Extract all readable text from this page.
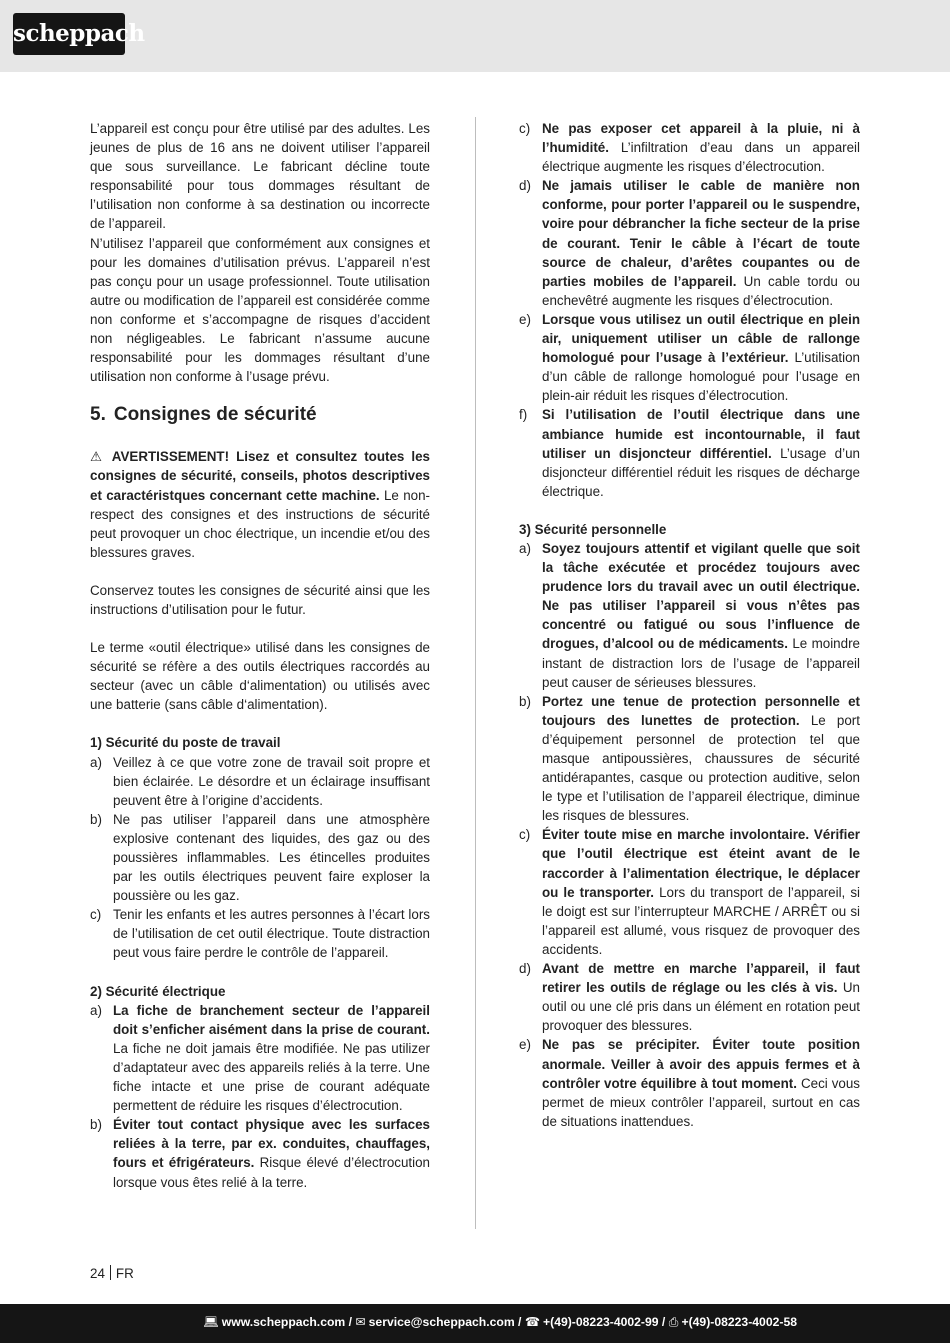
scheppach

L’appareil est conçu pour être utilisé par des adultes. Les jeunes de plus de 16 ans ne doivent utiliser l’appareil que sous surveillance. Le fabricant décline toute responsabilité pour tous dommages résultant de l’utilisation non conforme à sa destination ou incorrecte de l’appareil.

N’utilisez l’appareil que conformément aux consignes et pour les domaines d’utilisation prévus. L’appareil n’est pas conçu pour un usage professionnel. Toute utilisation autre ou modification de l’appareil est considérée comme non conforme et s’accompagne de risques d’accident non négligeables. Le fabricant n’assume aucune responsabilité pour les dommages résultant d’une utilisation non conforme à l’usage prévu.

5. Consignes de sécurité

⚠ AVERTISSEMENT! Lisez et consultez toutes les consignes de sécurité, conseils, photos descriptives et caractéristques concernant cette machine. Le non-respect des consignes et des instructions de sécurité peut provoquer un choc électrique, un incendie et/ou des blessures graves.

Conservez toutes les consignes de sécurité ainsi que les instructions d’utilisation pour le futur.

Le terme «outil électrique» utilisé dans les consignes de sécurité se réfère a des outils électriques raccordés au secteur (avec un câble d‘alimentation) ou utilisés avec une batterie (sans câble d‘alimentation).

1) Sécurité du poste de travail

a) Veillez à ce que votre zone de travail soit propre et bien éclairée. Le désordre et un éclairage insuffisant peuvent être à l’origine d’accidents.
b) Ne pas utiliser l’appareil dans une atmosphère explosive contenant des liquides, des gaz ou des poussières inflammables. Les étincelles produites par les outils électriques peuvent faire exploser la poussière ou les gaz.
c) Tenir les enfants et les autres personnes à l’écart lors de l’utilisation de cet outil électrique. Toute distraction peut vous faire perdre le contrôle de l’appareil.

2) Sécurité électrique

a) La fiche de branchement secteur de l’appareil doit s’enficher aisément dans la prise de courant. La fiche ne doit jamais être modifiée. Ne pas utilizer d’adaptateur avec des appareils reliés à la terre. Une fiche intacte et une prise de courant adéquate permettent de réduire les risques d’électrocution.
b) Éviter tout contact physique avec les surfaces reliées à la terre, par ex. conduites, chauffages, fours et éfrigérateurs. Risque élevé d’électrocution lorsque vous êtes relié à la terre.
c) Ne pas exposer cet appareil à la pluie, ni à l’humidité. L’infiltration d’eau dans un appareil électrique augmente les risques d’électrocution.
d) Ne jamais utiliser le cable de manière non conforme, pour porter l’appareil ou le suspendre, voire pour débrancher la fiche secteur de la prise de courant. Tenir le câble à l’écart de toute source de chaleur, d’arêtes coupantes ou de parties mobiles de l’appareil. Un cable tordu ou enchevêtré augmente les risques d’électrocution.
e) Lorsque vous utilisez un outil électrique en plein air, uniquement utiliser un câble de rallonge homologué pour l’usage à l’extérieur. L’utilisation d’un câble de rallonge homologué pour l’usage en plein-air réduit les risques d’électrocution.
f)	Si l’utilisation de l’outil électrique dans une ambiance humide est incontournable, il faut utiliser un disjoncteur différentiel. L’usage d’un disjoncteur différentiel réduit les risques de décharge électrique.

3) Sécurité personnelle

a) Soyez toujours attentif et vigilant quelle que soit la tâche exécutée et procédez toujours avec prudence lors du travail avec un outil électrique. Ne pas utiliser l’appareil si vous n’êtes pas concentré ou fatigué ou sous l’influence de drogues, d’alcool ou de médicaments. Le moindre instant de distraction lors de l’usage de l’appareil peut causer de sérieuses blessures.
b) Portez une tenue de protection personnelle et toujours des lunettes de protection. Le port d’équipement personnel de protection tel que masque antipoussières, chaussures de sécurité antidérapantes, casque ou protection auditive, selon le type et l’utilisation de l’appareil électrique, diminue les risques de blessures.
c) Éviter toute mise en marche involontaire. Vérifier que l’outil électrique est éteint avant de le raccorder à l’alimentation électrique, le déplacer ou le transporter. Lors du transport de l’appareil, si le doigt est sur l’interrupteur MARCHE / ARRÊT ou si l’appareil est allumé, vous risquez de provoquer des accidents.
d) Avant de mettre en marche l’appareil, il faut retirer les outils de réglage ou les clés à vis. Un outil ou une clé pris dans un élément en rotation peut provoquer des blessures.
e) Ne pas se précipiter. Éviter toute position anormale. Veiller à avoir des appuis fermes et à contrôler votre équilibre à tout moment. Ceci vous permet de mieux contrôler l’appareil, surtout en cas de situations inattendues.
24 FR
💻︎ www.scheppach.com / ✉ service@scheppach.com / ☎ +(49)-08223-4002-99 / ⎙ +(49)-08223-4002-58
